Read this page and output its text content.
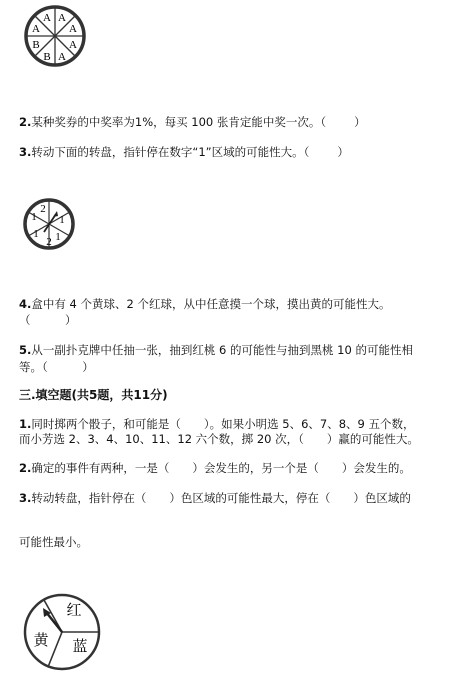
A
A
A
A
A
B
B
A
2.某种奖券的中奖率为1%，每买 100 张肯定能中奖一次。（ ）
3.转动下面的转盘，指针停在数字“1”区域的可能性大。（ ）
2
1
1
2
1
1
4.盒中有 4 个黄球、2 个红球，从中任意摸一个球，摸出黄的可能性大。
（　　　）
5.从一副扑克牌中任抽一张，抽到红桃 6 的可能性与抽到黑桃 10 的可能性相
等。（　　　）
三.填空题(共5题，共11分)
1.同时掷两个骰子，和可能是（　　）。如果小明选 5、6、7、8、9 五个数，
而小芳选 2、3、4、10、11、12 六个数，掷 20 次，（　　）赢的可能性大。
2.确定的事件有两种，一是（　　）会发生的，另一个是（　　）会发生的。
3.转动转盘，指针停在（　　）色区域的可能性最大，停在（　　）色区域的
可能性最小。
红
蓝
黄
